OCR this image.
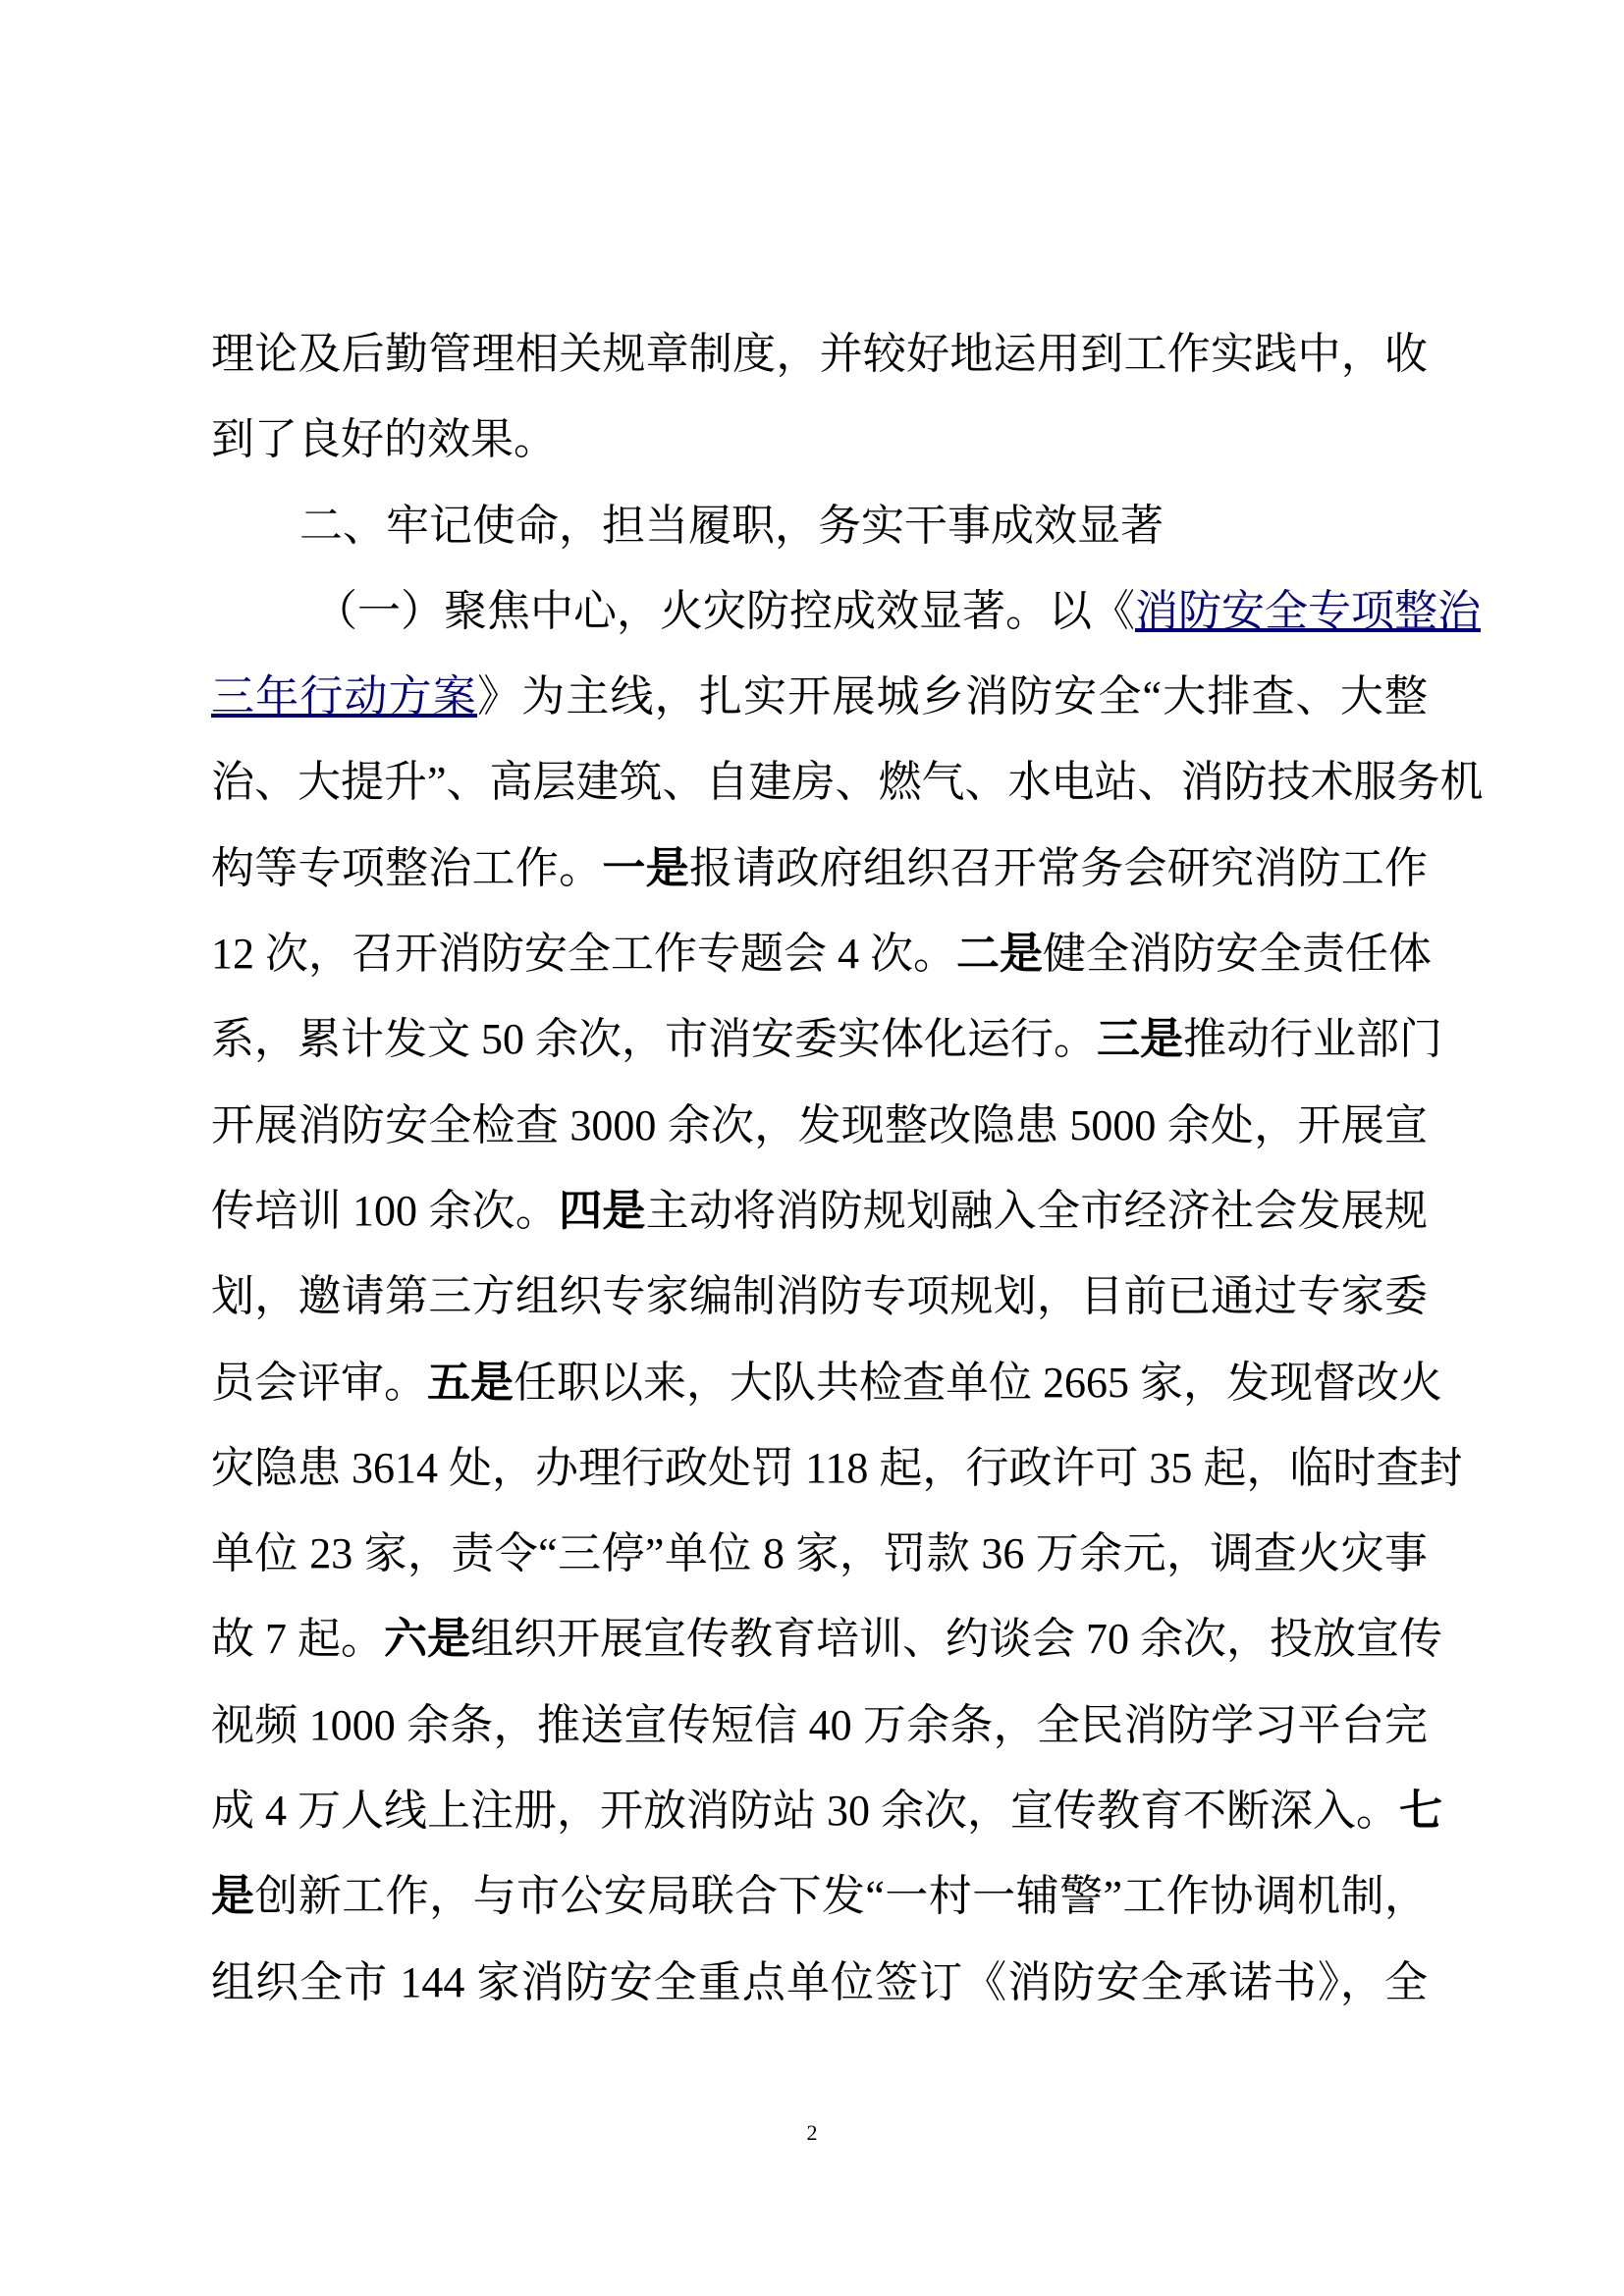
理论及后勤管理相关规章制度，并较好地运用到工作实践中，收
到了良好的效果。
二、牢记使命，担当履职，务实干事成效显著
（一）聚焦中心，火灾防控成效显著。以《消防安全专项整治
三年行动方案》为主线，扎实开展城乡消防安全“大排查、大整
治、大提升”、高层建筑、自建房、燃气、水电站、消防技术服务机
构等专项整治工作。一是报请政府组织召开常务会研究消防工作
12 次，召开消防安全工作专题会 4 次。二是健全消防安全责任体
系，累计发文 50 余次，市消安委实体化运行。三是推动行业部门
开展消防安全检查 3000 余次，发现整改隐患 5000 余处，开展宣
传培训 100 余次。四是主动将消防规划融入全市经济社会发展规
划，邀请第三方组织专家编制消防专项规划，目前已通过专家委
员会评审。五是任职以来，大队共检查单位 2665 家，发现督改火
灾隐患 3614 处，办理行政处罚 118 起，行政许可 35 起，临时查封
单位 23 家，责令“三停”单位 8 家，罚款 36 万余元，调查火灾事
故 7 起。六是组织开展宣传教育培训、约谈会 70 余次，投放宣传
视频 1000 余条，推送宣传短信 40 万余条，全民消防学习平台完
成 4 万人线上注册，开放消防站 30 余次，宣传教育不断深入。七
是创新工作，与市公安局联合下发“一村一辅警”工作协调机制，
组织全市 144 家消防安全重点单位签订《消防安全承诺书》，全
2
